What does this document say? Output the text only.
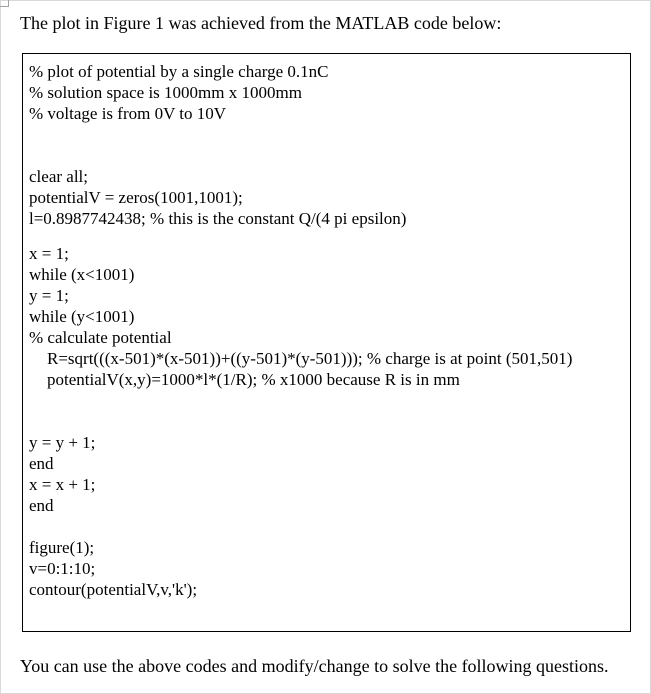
The plot in Figure 1 was achieved from the MATLAB code below:
% plot of potential by a single charge 0.1nC
% solution space is 1000mm x 1000mm
% voltage is from 0V to 10V
clear all;
potentialV = zeros(1001,1001);
l=0.8987742438; % this is the constant Q/(4 pi epsilon)
x = 1;
while (x<1001)
y = 1;
while (y<1001)
% calculate potential
R=sqrt(((x-501)*(x-501))+((y-501)*(y-501))); % charge is at point (501,501)
potentialV(x,y)=1000*l*(1/R); % x1000 because R is in mm
y = y + 1;
end
x = x + 1;
end
figure(1);
v=0:1:10;
contour(potentialV,v,'k');
You can use the above codes and modify/change to solve the following questions.
